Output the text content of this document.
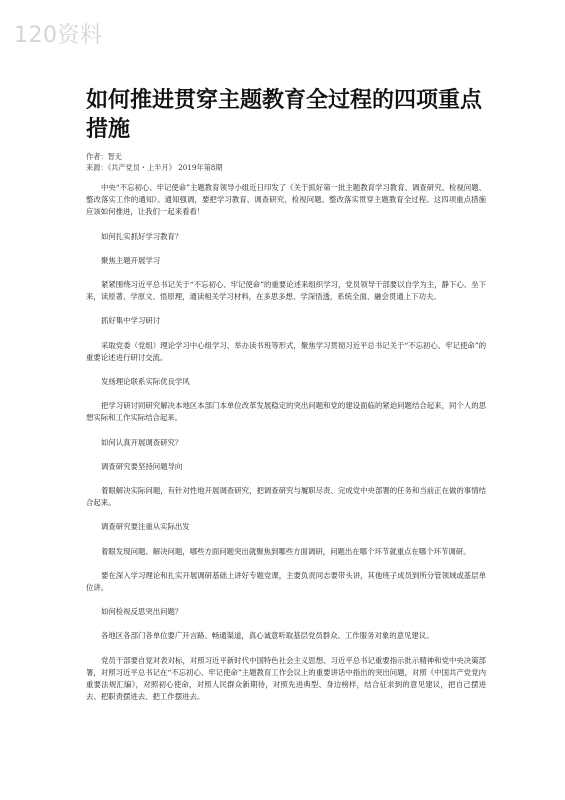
120资料
如何推进贯穿主题教育全过程的四项重点措施
作者：智无
来源：《共产党员・上半月》 2019年第8期

中央“不忘初心、牢记使命”主题教育领导小组近日印发了《关于抓好第一批主题教育学习教育、调查研究、检视问题、整改落实工作的通知》。通知强调，要把学习教育、调查研究、检视问题、整改落实贯穿主题教育全过程。这四项重点措施应该如何推进，让我们一起来看看！

如何扎实抓好学习教育？

聚焦主题开展学习

紧紧围绕习近平总书记关于“不忘初心、牢记使命”的重要论述来组织学习，党员领导干部要以自学为主，静下心、坐下来，读原著、学原文、悟原理，通读相关学习材料，在多思多想、学深悟透，系统全面、融会贯通上下功夫。

抓好集中学习研讨

采取党委（党组）理论学习中心组学习、举办读书班等形式，聚焦学习贯彻习近平总书记关于“不忘初心、牢记使命”的重要论述进行研讨交流。

发扬理论联系实际优良学风

把学习研讨同研究解决本地区本部门本单位改革发展稳定的突出问题和党的建设面临的紧迫问题结合起来，同个人的思想实际和工作实际结合起来。

如何认真开展调查研究？

调查研究要坚持问题导向

着眼解决实际问题，有针对性地开展调查研究，把调查研究与履职尽责、完成党中央部署的任务和当前正在做的事情结合起来。

调查研究要注重从实际出发

着眼发现问题、解决问题，哪些方面问题突出就聚焦到哪些方面调研，问题出在哪个环节就重点在哪个环节调研。

要在深入学习理论和扎实开展调研基础上讲好专题党课，主要负责同志要带头讲，其他班子成员到所分管领域或基层单位讲。

如何检视反思突出问题？

各地区各部门各单位要广开言路、畅通渠道，真心诚意听取基层党员群众、工作服务对象的意见建议。

党员干部要自觉对表对标，对照习近平新时代中国特色社会主义思想、习近平总书记重要指示批示精神和党中央决策部署，对照习近平总书记在“不忘初心、牢记使命”主题教育工作会议上的重要讲话中指出的突出问题，对照《中国共产党党内重要法规汇编》，对照初心使命，对照人民群众新期待，对照先进典型、身边榜样，结合征求到的意见建议，把自己摆进去、把职责摆进去、把工作摆进去。
